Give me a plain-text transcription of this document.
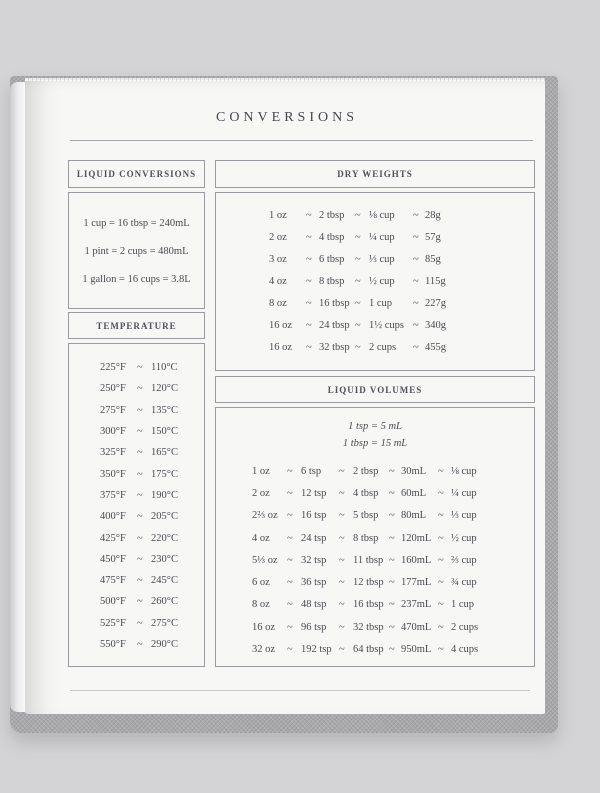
CONVERSIONS
LIQUID CONVERSIONS
1 cup = 16 tbsp = 240mL
1 pint = 2 cups = 480mL
1 gallon = 16 cups = 3.8L
TEMPERATURE
225°F	~ 110°C
250°F	~ 120°C
275°F	~ 135°C
300°F	~ 150°C
325°F	~ 165°C
350°F	~ 175°C
375°F	~ 190°C
400°F	~ 205°C
425°F	~ 220°C
450°F	~ 230°C
475°F	~ 245°C
500°F	~ 260°C
525°F	~ 275°C
550°F	~ 290°C
DRY WEIGHTS
1 oz	~ 2 tbsp	~ ⅛ cup	~ 28g
2 oz	~ 4 tbsp	~ ¼ cup	~ 57g
3 oz	~ 6 tbsp	~ ⅓ cup	~ 85g
4 oz	~ 8 tbsp	~ ½ cup	~ 115g
8 oz	~ 16 tbsp ~ 1 cup	~ 227g
16 oz	~ 24 tbsp ~ 1½ cups ~ 340g
16 oz	~ 32 tbsp ~ 2 cups	~ 455g
LIQUID VOLUMES
1 tsp = 5 mL
1 tbsp = 15 mL
1 oz	~ 6 tsp	~ 2 tbsp	~ 30mL	~ ⅛ cup
2 oz	~ 12 tsp	~ 4 tbsp	~ 60mL	~ ¼ cup
2⅔ oz ~ 16 tsp	~ 5 tbsp	~ 80mL	~ ⅓ cup
4 oz	~ 24 tsp	~ 8 tbsp	~ 120mL ~ ½ cup
5⅓ oz ~ 32 tsp	~ 11 tbsp ~ 160mL ~ ⅔ cup
6 oz	~ 36 tsp	~ 12 tbsp ~ 177mL ~ ¾ cup
8 oz	~ 48 tsp	~ 16 tbsp ~ 237mL ~ 1 cup
16 oz	~ 96 tsp	~ 32 tbsp ~ 470mL ~ 2 cups
32 oz	~ 192 tsp ~ 64 tbsp ~ 950mL ~ 4 cups
